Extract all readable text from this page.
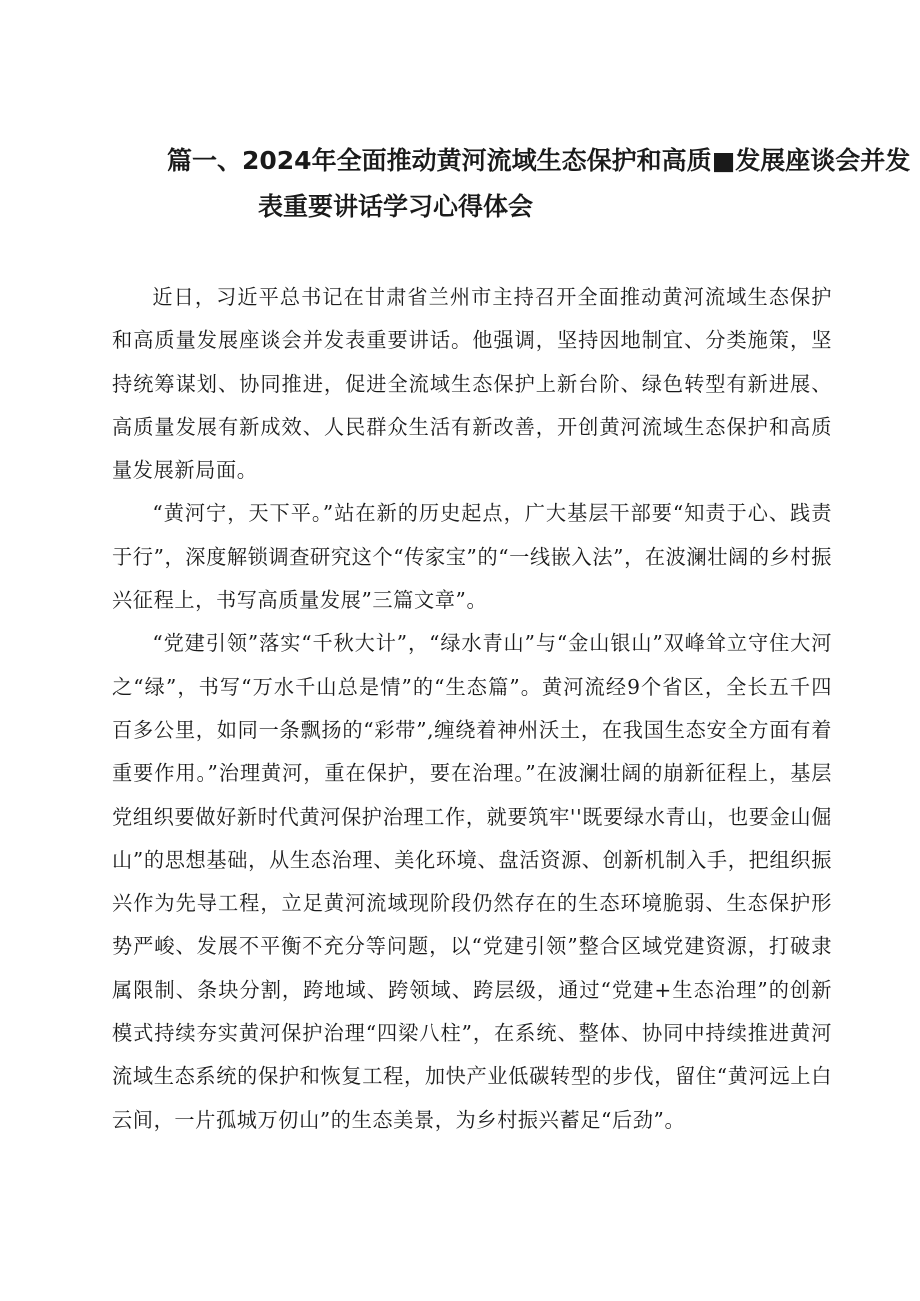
篇一、2024年全面推动黄河流域生态保护和高质■发展座谈会并发
表重要讲话学习心得体会

近日，习近平总书记在甘肃省兰州市主持召开全面推动黄河流域生态保护和高质量发展座谈会并发表重要讲话。他强调，坚持因地制宜、分类施策，坚持统筹谋划、协同推进，促进全流域生态保护上新台阶、绿色转型有新进展、高质量发展有新成效、人民群众生活有新改善，开创黄河流域生态保护和高质量发展新局面。

“黄河宁，天下平。”站在新的历史起点，广大基层干部要“知责于心、践责于行”，深度解锁调查研究这个“传家宝”的“一线嵌入法”，在波澜壮阔的乡村振兴征程上，书写高质量发展”三篇文章”。

“党建引领”落实“千秋大计”，“绿水青山”与“金山银山”双峰耸立守住大河之“绿”，书写“万水千山总是情”的“生态篇”。黄河流经9个省区，全长五千四百多公里，如同一条飘扬的“彩带”,缠绕着神州沃土，在我国生态安全方面有着重要作用。”治理黄河，重在保护，要在治理。”在波澜壮阔的崩新征程上，基层党组织要做好新时代黄河保护治理工作，就要筑牢''既要绿水青山，也要金山倔山”的思想基础，从生态治理、美化环境、盘活资源、创新机制入手，把组织振兴作为先导工程，立足黄河流域现阶段仍然存在的生态环境脆弱、生态保护形势严峻、发展不平衡不充分等问题，以“党建引领”整合区域党建资源，打破隶属限制、条块分割，跨地域、跨领域、跨层级，通过“党建+生态治理”的创新模式持续夯实黄河保护治理“四梁八柱”，在系统、整体、协同中持续推进黄河流域生态系统的保护和恢复工程，加快产业低碳转型的步伐，留住“黄河远上白云间，一片孤城万仞山”的生态美景，为乡村振兴蓄足“后劲”。
